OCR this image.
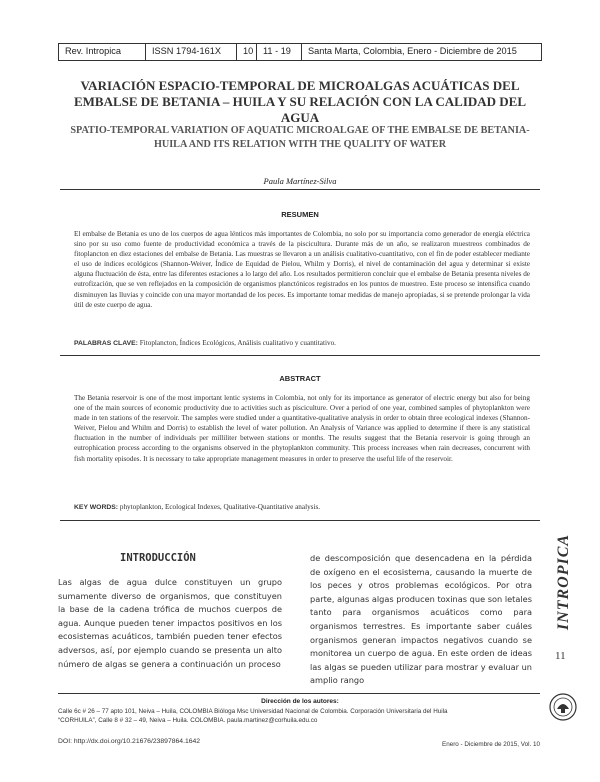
Rev. Intropica	ISSN 1794-161X	10	11 - 19	Santa Marta, Colombia, Enero - Diciembre de 2015
VARIACIÓN ESPACIO-TEMPORAL DE MICROALGAS ACUÁTICAS DEL EMBALSE DE BETANIA – HUILA Y SU RELACIÓN CON LA CALIDAD DEL AGUA
SPATIO-TEMPORAL VARIATION OF AQUATIC MICROALGAE OF THE EMBALSE DE BETANIA-HUILA AND ITS RELATION WITH THE QUALITY OF WATER
Paula Martínez-Silva
RESUMEN
El embalse de Betania es uno de los cuerpos de agua lénticos más importantes de Colombia, no solo por su importancia como generador de energía eléctrica sino por su uso como fuente de productividad económica a través de la piscicultura. Durante más de un año, se realizaron muestreos combinados de fitoplancton en diez estaciones del embalse de Betania. Las muestras se llevaron a un análisis cualitativo-cuantitativo, con el fin de poder establecer mediante el uso de índices ecológicos (Shannon-Weiver, Índice de Equidad de Pielou, Whilm y Dorris), el nivel de contaminación del agua y determinar si existe alguna fluctuación de ésta, entre las diferentes estaciones a lo largo del año. Los resultados permitieron concluir que el embalse de Betania presenta niveles de eutrofización, que se ven reflejados en la composición de organismos planctónicos registrados en los puntos de muestreo. Este proceso se intensifica cuando disminuyen las lluvias y coincide con una mayor mortandad de los peces. Es importante tomar medidas de manejo apropiadas, si se pretende prolongar la vida útil de este cuerpo de agua.
PALABRAS CLAVE: Fitoplancton, Índices Ecológicos, Análisis cualitativo y cuantitativo.
ABSTRACT
The Betania reservoir is one of the most important lentic systems in Colombia, not only for its importance as generator of electric energy but also for being one of the main sources of economic productivity due to activities such as pisciculture. Over a period of one year, combined samples of phytoplankton were made in ten stations of the reservoir. The samples were studied under a quantitative-qualitative analysis in order to obtain three ecological indexes (Shannon-Weiver, Pielou and Whilm and Dorris) to establish the level of water pollution. An Analysis of Variance was applied to determine if there is any statistical fluctuation in the number of individuals per milliliter between stations or months. The results suggest that the Betania reservoir is going through an eutrophication process according to the organisms observed in the phytoplankton community. This process increases when rain decreases, concurrent with fish mortality episodes. It is necessary to take appropriate management measures in order to preserve the useful life of the reservoir.
KEY WORDS: phytoplankton, Ecological Indexes, Qualitative-Quantitative analysis.
INTRODUCCIÓN
Las algas de agua dulce constituyen un grupo sumamente diverso de organismos, que constituyen la base de la cadena trófica de muchos cuerpos de agua. Aunque pueden tener impactos positivos en los ecosistemas acuáticos, también pueden tener efectos adversos, así, por ejemplo cuando se presenta un alto número de algas se genera a continuación un proceso
de descomposición que desencadena en la pérdida de oxígeno en el ecosistema, causando la muerte de los peces y otros problemas ecológicos. Por otra parte, algunas algas producen toxinas que son letales tanto para organismos acuáticos como para organismos terrestres. Es importante saber cuáles organismos generan impactos negativos cuando se monitorea un cuerpo de agua. En este orden de ideas las algas se pueden utilizar para mostrar y evaluar un amplio rango
INTROPICA
11
Dirección de los autores:
Calle 6c # 26 – 77 apto 101, Neiva – Huila, COLOMBIA Bióloga Msc Universidad Nacional de Colombia. Corporación Universitaria del Huila
“CORHUILA”, Calle 8 # 32 – 49, Neiva – Huila. COLOMBIA. paula.martinez@corhuila.edu.co
DOI: http://dx.doi.org/10.21676/23897864.1642	Enero - Diciembre de 2015, Vol. 10
